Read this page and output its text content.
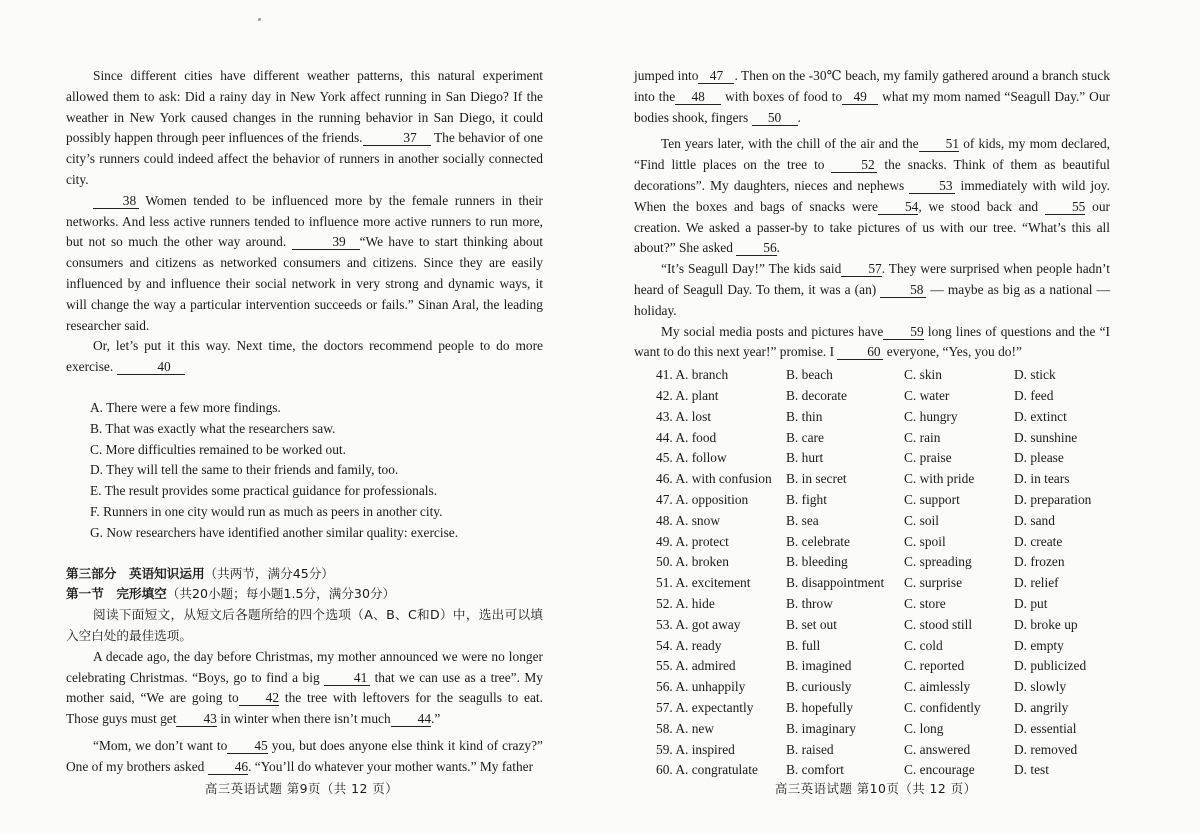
Since different cities have different weather patterns, this natural experiment allowed them to ask: Did a rainy day in New York affect running in San Diego? If the weather in New York caused changes in the running behavior in San Diego, it could possibly happen through peer influences of the friends.	37 The behavior of one city’s runners could indeed affect the behavior of runners in another socially connected city.

38 Women tended to be influenced more by the female runners in their networks. And less active runners tended to influence more active runners to run more, but not so much the other way around.	39 “We have to start thinking about consumers and citizens as networked consumers and citizens. Since they are easily influenced by and influence their social network in very strong and dynamic ways, it will change the way a particular intervention succeeds or fails.” Sinan Aral, the leading researcher said.

Or, let’s put it this way. Next time, the doctors recommend people to do more exercise.	40

A. There were a few more findings.
B. That was exactly what the researchers saw.
C. More difficulties remained to be worked out.
D. They will tell the same to their friends and family, too.
E. The result provides some practical guidance for professionals.
F. Runners in one city would run as much as peers in another city.
G. Now researchers have identified another similar quality: exercise.
第三部分　英语知识运用（共两节，满分45分）
第一节　完形填空（共20小题；每小题1.5分，满分30分）

阅读下面短文，从短文后各题所给的四个选项（A、B、C和D）中，选出可以填入空白处的最佳选项。

A decade ago, the day before Christmas, my mother announced we were no longer celebrating Christmas. “Boys, go to find a big 41 that we can use as a tree”. My mother said, “We are going to 42 the tree with leftovers for the seagulls to eat. Those guys must get 43 in winter when there isn’t much 44.”

“Mom, we don’t want to 45 you, but does anyone else think it kind of crazy?” One of my brothers asked 46. “You’ll do whatever your mother wants.” My father

jumped into 47 . Then on the -30℃ beach, my family gathered around a branch stuck into the 48 with boxes of food to 49 what my mom named “Seagull Day.” Our bodies shook, fingers 50 .

Ten years later, with the chill of the air and the 51 of kids, my mom declared, “Find little places on the tree to 52 the snacks. Think of them as beautiful decorations”. My daughters, nieces and nephews 53 immediately with wild joy. When the boxes and bags of snacks were 54, we stood back and 55 our creation. We asked a passer-by to take pictures of us with our tree. “What’s this all about?” She asked 56.

“It’s Seagull Day!” The kids said 57. They were surprised when people hadn’t heard of Seagull Day. To them, it was a (an) 58 — maybe as big as a national — holiday.

My social media posts and pictures have 59 long lines of questions and the “I want to do this next year!” promise. I 60 everyone, “Yes, you do!”

41. A. branch	B. beach	C. skin	D. stick
42. A. plant	B. decorate	C. water	D. feed
43. A. lost	B. thin	C. hungry	D. extinct
44. A. food	B. care	C. rain	D. sunshine
45. A. follow	B. hurt	C. praise	D. please
46. A. with confusion	B. in secret	C. with pride	D. in tears
47. A. opposition	B. fight	C. support	D. preparation
48. A. snow	B. sea	C. soil	D. sand
49. A. protect	B. celebrate	C. spoil	D. create
50. A. broken	B. bleeding	C. spreading	D. frozen
51. A. excitement	B. disappointment	C. surprise	D. relief
52. A. hide	B. throw	C. store	D. put
53. A. got away	B. set out	C. stood still	D. broke up
54. A. ready	B. full	C. cold	D. empty
55. A. admired	B. imagined	C. reported	D. publicized
56. A. unhappily	B. curiously	C. aimlessly	D. slowly
57. A. expectantly	B. hopefully	C. confidently	D. angrily
58. A. new	B. imaginary	C. long	D. essential
59. A. inspired	B. raised	C. answered	D. removed
60. A. congratulate	B. comfort	C. encourage	D. test
高三英语试题 第9页（共 12 页）	高三英语试题 第10页（共 12 页）
